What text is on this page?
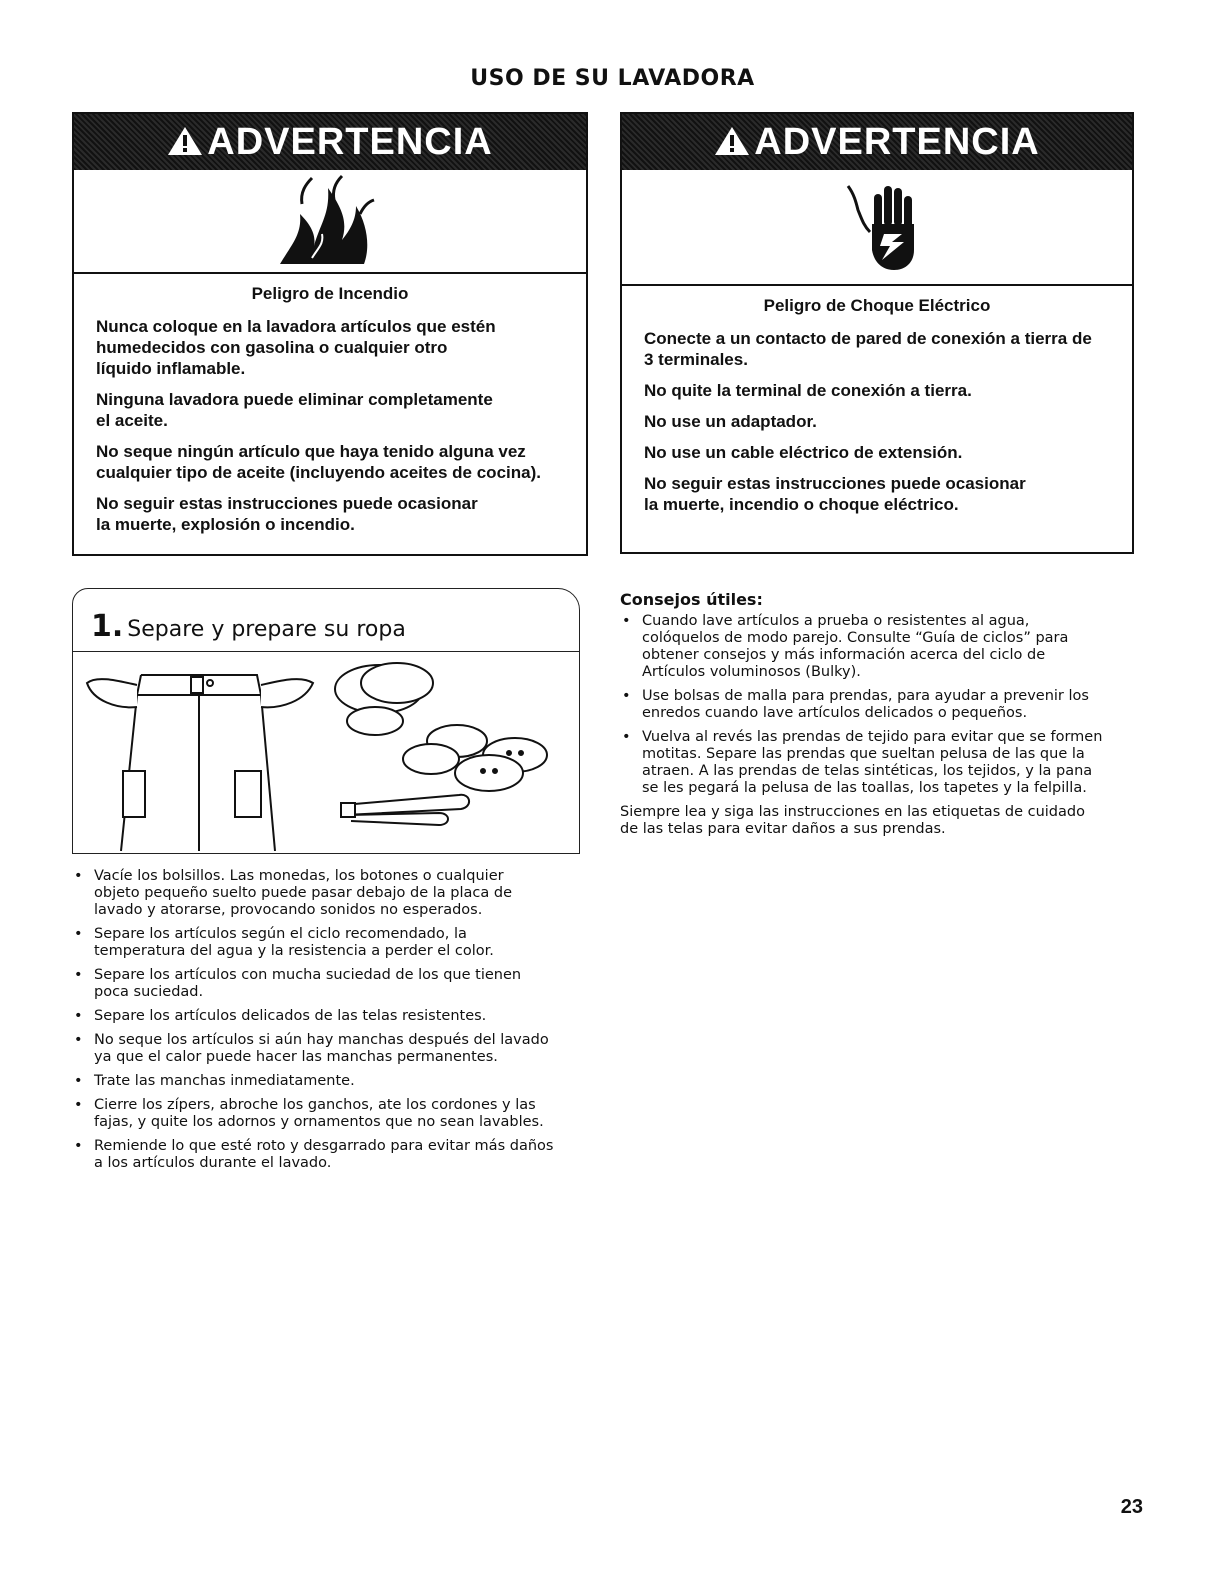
USO DE SU LAVADORA
ADVERTENCIA
Peligro de Incendio

Nunca coloque en la lavadora artículos que estén
humedecidos con gasolina o cualquier otro
líquido inflamable.

Ninguna lavadora puede eliminar completamente
el aceite.

No seque ningún artículo que haya tenido alguna vez
cualquier tipo de aceite (incluyendo aceites de cocina).

No seguir estas instrucciones puede ocasionar
la muerte, explosión o incendio.

ADVERTENCIA
Peligro de Choque Eléctrico

Conecte a un contacto de pared de conexión a tierra de
3 terminales.

No quite la terminal de conexión a tierra.

No use un adaptador.

No use un cable eléctrico de extensión.

No seguir estas instrucciones puede ocasionar
la muerte, incendio o choque eléctrico.

1. Separe y prepare su ropa
• Vacíe los bolsillos. Las monedas, los botones o cualquier
objeto pequeño suelto puede pasar debajo de la placa de
lavado y atorarse, provocando sonidos no esperados.
• Separe los artículos según el ciclo recomendado, la
temperatura del agua y la resistencia a perder el color.
• Separe los artículos con mucha suciedad de los que tienen
poca suciedad.
• Separe los artículos delicados de las telas resistentes.
• No seque los artículos si aún hay manchas después del lavado
ya que el calor puede hacer las manchas permanentes.
• Trate las manchas inmediatamente.
• Cierre los zípers, abroche los ganchos, ate los cordones y las
fajas, y quite los adornos y ornamentos que no sean lavables.
• Remiende lo que esté roto y desgarrado para evitar más daños
a los artículos durante el lavado.
Consejos útiles:
• Cuando lave artículos a prueba o resistentes al agua,
colóquelos de modo parejo. Consulte “Guía de ciclos” para
obtener consejos y más información acerca del ciclo de
Artículos voluminosos (Bulky).
• Use bolsas de malla para prendas, para ayudar a prevenir los
enredos cuando lave artículos delicados o pequeños.
• Vuelva al revés las prendas de tejido para evitar que se formen
motitas. Separe las prendas que sueltan pelusa de las que la
atraen. A las prendas de telas sintéticas, los tejidos, y la pana
se les pegará la pelusa de las toallas, los tapetes y la felpilla.
Siempre lea y siga las instrucciones en las etiquetas de cuidado
de las telas para evitar daños a sus prendas.
23
